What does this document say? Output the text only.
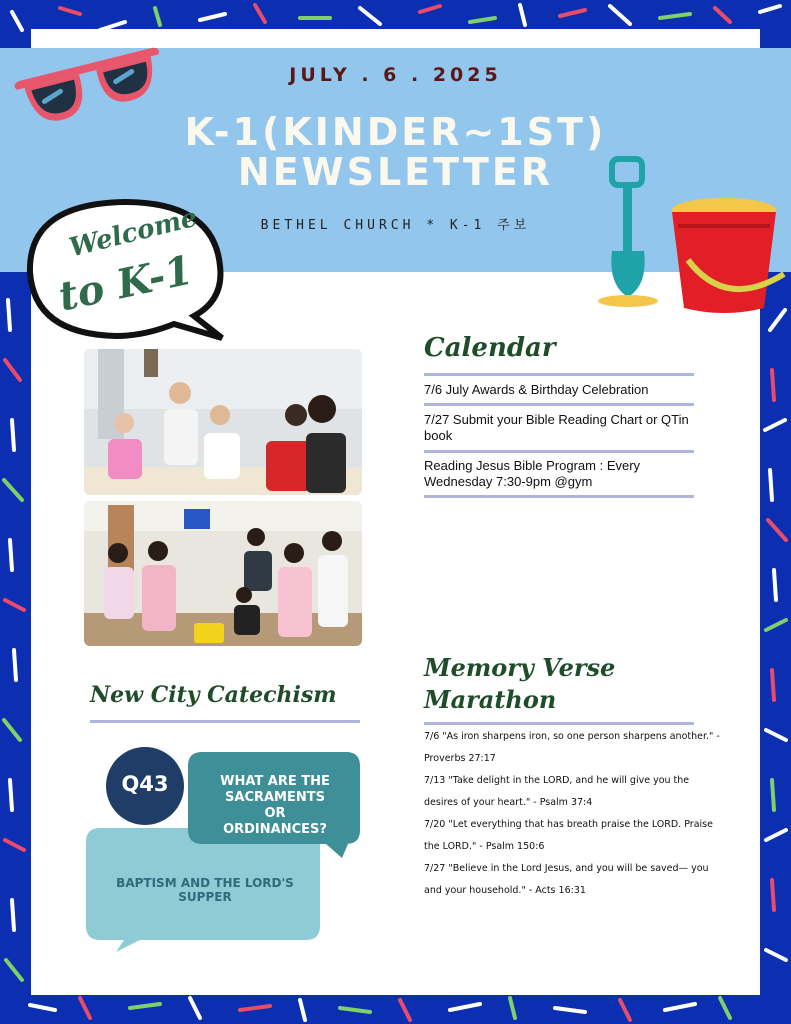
JULY . 6 . 2025
K-1(KINDER~1ST)
NEWSLETTER
BETHEL CHURCH * K-1 주보
Welcome
to K-1
Calendar
7/6 July Awards & Birthday Celebration
7/27 Submit your Bible Reading Chart or QTin book
Reading Jesus Bible Program : Every Wednesday 7:30-9pm @gym
Memory Verse
Marathon
7/6 "As iron sharpens iron, so one person sharpens another." - Proverbs 27:17
7/13 "Take delight in the LORD, and he will give you the desires of your heart." - Psalm 37:4
7/20 "Let everything that has breath praise the LORD. Praise the LORD." - Psalm 150:6
7/27 "Believe in the Lord Jesus, and you will be saved— you and your household." - Acts 16:31
New City Catechism
Q43	WHAT ARE THE SACRAMENTS OR ORDINANCES?
BAPTISM AND THE LORD'S SUPPER
